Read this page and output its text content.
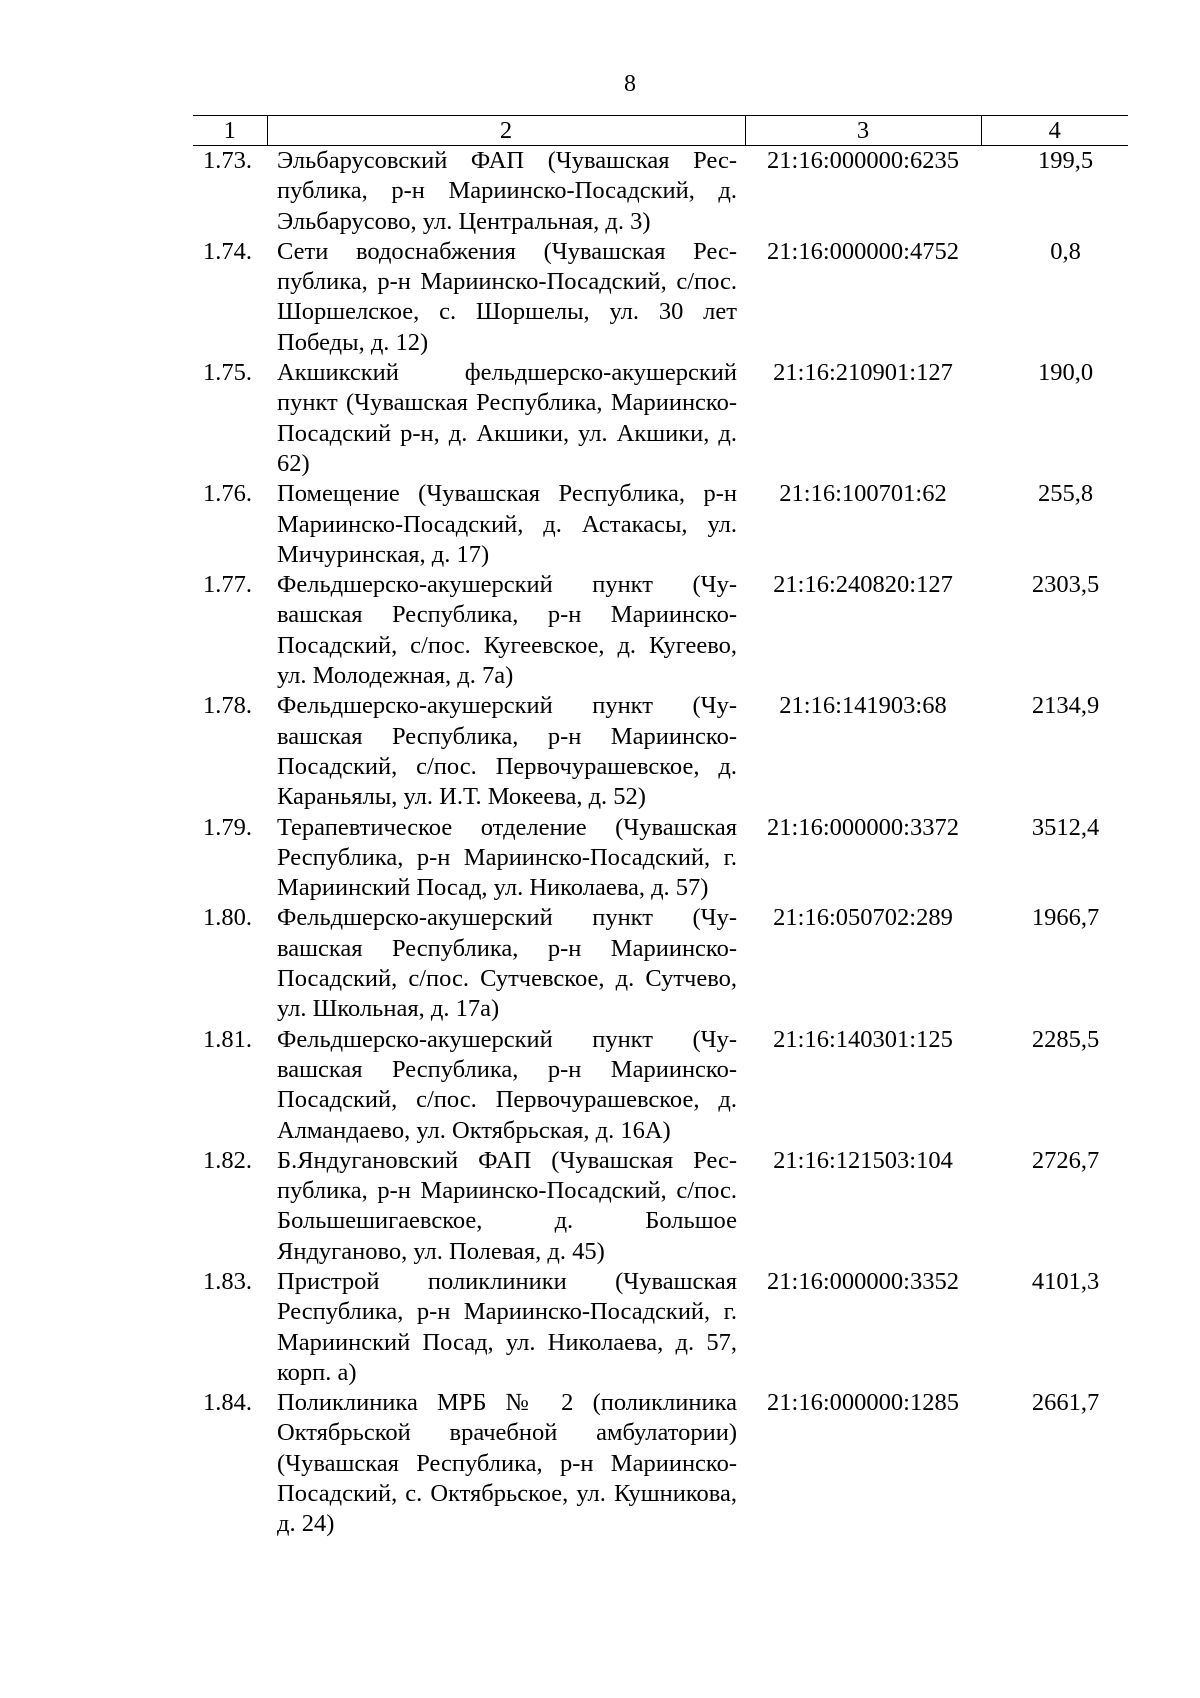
8
1	2	3	4
1.73.	Эльбарусовский ФАП (Чувашская Республика, р-н Мариинско-Посадский, д. Эльбарусово, ул. Центральная, д. 3)	21:16:000000:6235	199,5
1.74.	Сети водоснабжения (Чувашская Республика, р-н Мариинско-Посадский, с/пос. Шоршелское, с. Шоршелы, ул. 30 лет Победы, д. 12)	21:16:000000:4752	0,8
1.75.	Акшикский фельдшерско-акушерский пункт (Чувашская Республика, Мариинско-Посадский р-н, д. Акшики, ул. Акшики, д. 62)	21:16:210901:127	190,0
1.76.	Помещение (Чувашская Республика, р-н Мариинско-Посадский, д. Астакасы, ул. Мичуринская, д. 17)	21:16:100701:62	255,8
1.77.	Фельдшерско-акушерский пункт (Чувашская Республика, р-н Мариинско-Посадский, с/пос. Кугеевское, д. Кугеево, ул. Молодежная, д. 7а)	21:16:240820:127	2303,5
1.78.	Фельдшерско-акушерский пункт (Чувашская Республика, р-н Мариинско-Посадский, с/пос. Первочурашевское, д. Караньялы, ул. И.Т. Мокеева, д. 52)	21:16:141903:68	2134,9
1.79.	Терапевтическое отделение (Чувашская Республика, р-н Мариинско-Посадский, г. Мариинский Посад, ул. Николаева, д. 57)	21:16:000000:3372	3512,4
1.80.	Фельдшерско-акушерский пункт (Чувашская Республика, р-н Мариинско-Посадский, с/пос. Сутчевское, д. Сутчево, ул. Школьная, д. 17а)	21:16:050702:289	1966,7
1.81.	Фельдшерско-акушерский пункт (Чувашская Республика, р-н Мариинско-Посадский, с/пос. Первочурашевское, д. Алмандаево, ул. Октябрьская, д. 16А)	21:16:140301:125	2285,5
1.82.	Б.Яндугановский ФАП (Чувашская Республика, р-н Мариинско-Посадский, с/пос. Большешигаевское, д. Большое Яндуганово, ул. Полевая, д. 45)	21:16:121503:104	2726,7
1.83.	Пристрой поликлиники (Чувашская Республика, р-н Мариинско-Посадский, г. Мариинский Посад, ул. Николаева, д. 57, корп. а)	21:16:000000:3352	4101,3
1.84.	Поликлиника МРБ № 2 (поликлиника Октябрьской врачебной амбулатории) (Чувашская Республика, р-н Мариинско-Посадский, с. Октябрьское, ул. Кушникова, д. 24)	21:16:000000:1285	2661,7
